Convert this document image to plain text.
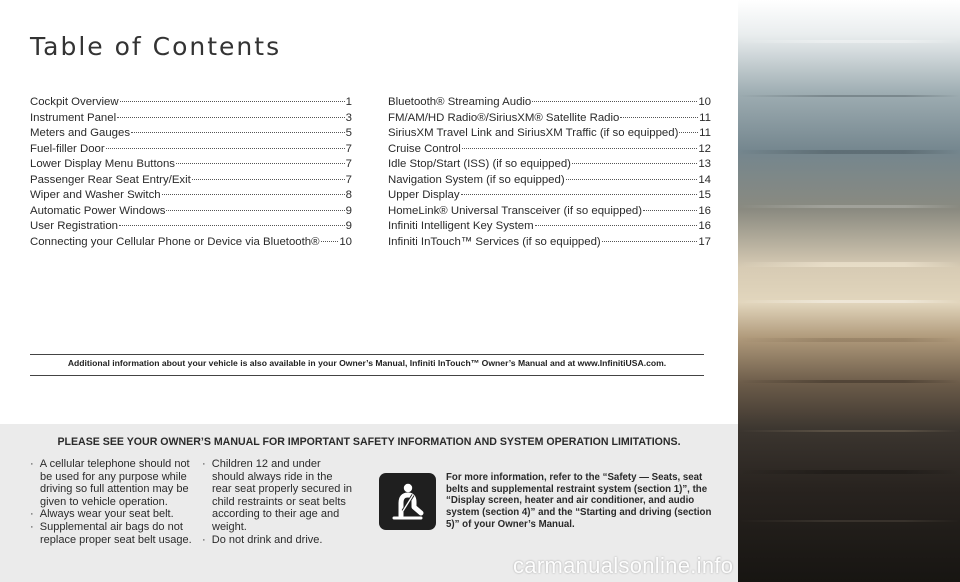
Table of Contents
Cockpit Overview	1
Instrument Panel	3
Meters and Gauges	5
Fuel-filler Door	7
Lower Display Menu Buttons	7
Passenger Rear Seat Entry/Exit	7
Wiper and Washer Switch	8
Automatic Power Windows	9
User Registration	9
Connecting your Cellular Phone or Device via Bluetooth® 10
Bluetooth® Streaming Audio	10
FM/AM/HD Radio®/SiriusXM® Satellite Radio	11
SiriusXM Travel Link and SiriusXM Traffic (if so equipped) 11
Cruise Control	12
Idle Stop/Start (ISS) (if so equipped)	13
Navigation System (if so equipped)	14
Upper Display	15
HomeLink® Universal Transceiver (if so equipped)	16
Infiniti Intelligent Key System	16
Infiniti InTouch™ Services (if so equipped)	17
Additional information about your vehicle is also available in your Owner’s Manual, Infiniti InTouch™ Owner’s Manual and at www.InfinitiUSA.com.

PLEASE SEE YOUR OWNER’S MANUAL FOR IMPORTANT SAFETY INFORMATION AND SYSTEM OPERATION LIMITATIONS.

·  A cellular telephone should not be used for any purpose while driving so full attention may be given to vehicle operation.
·  Always wear your seat belt.
·  Supplemental air bags do not replace proper seat belt usage.
·  Children 12 and under should always ride in the rear seat properly secured in child restraints or seat belts according to their age and weight.
·  Do not drink and drive.

For more information, refer to the “Safety — Seats, seat belts and supplemental restraint system (section 1)”, the “Display screen, heater and air conditioner, and audio system (section 4)” and the “Starting and driving (section 5)” of your Owner’s Manual.

carmanualsonline.info
